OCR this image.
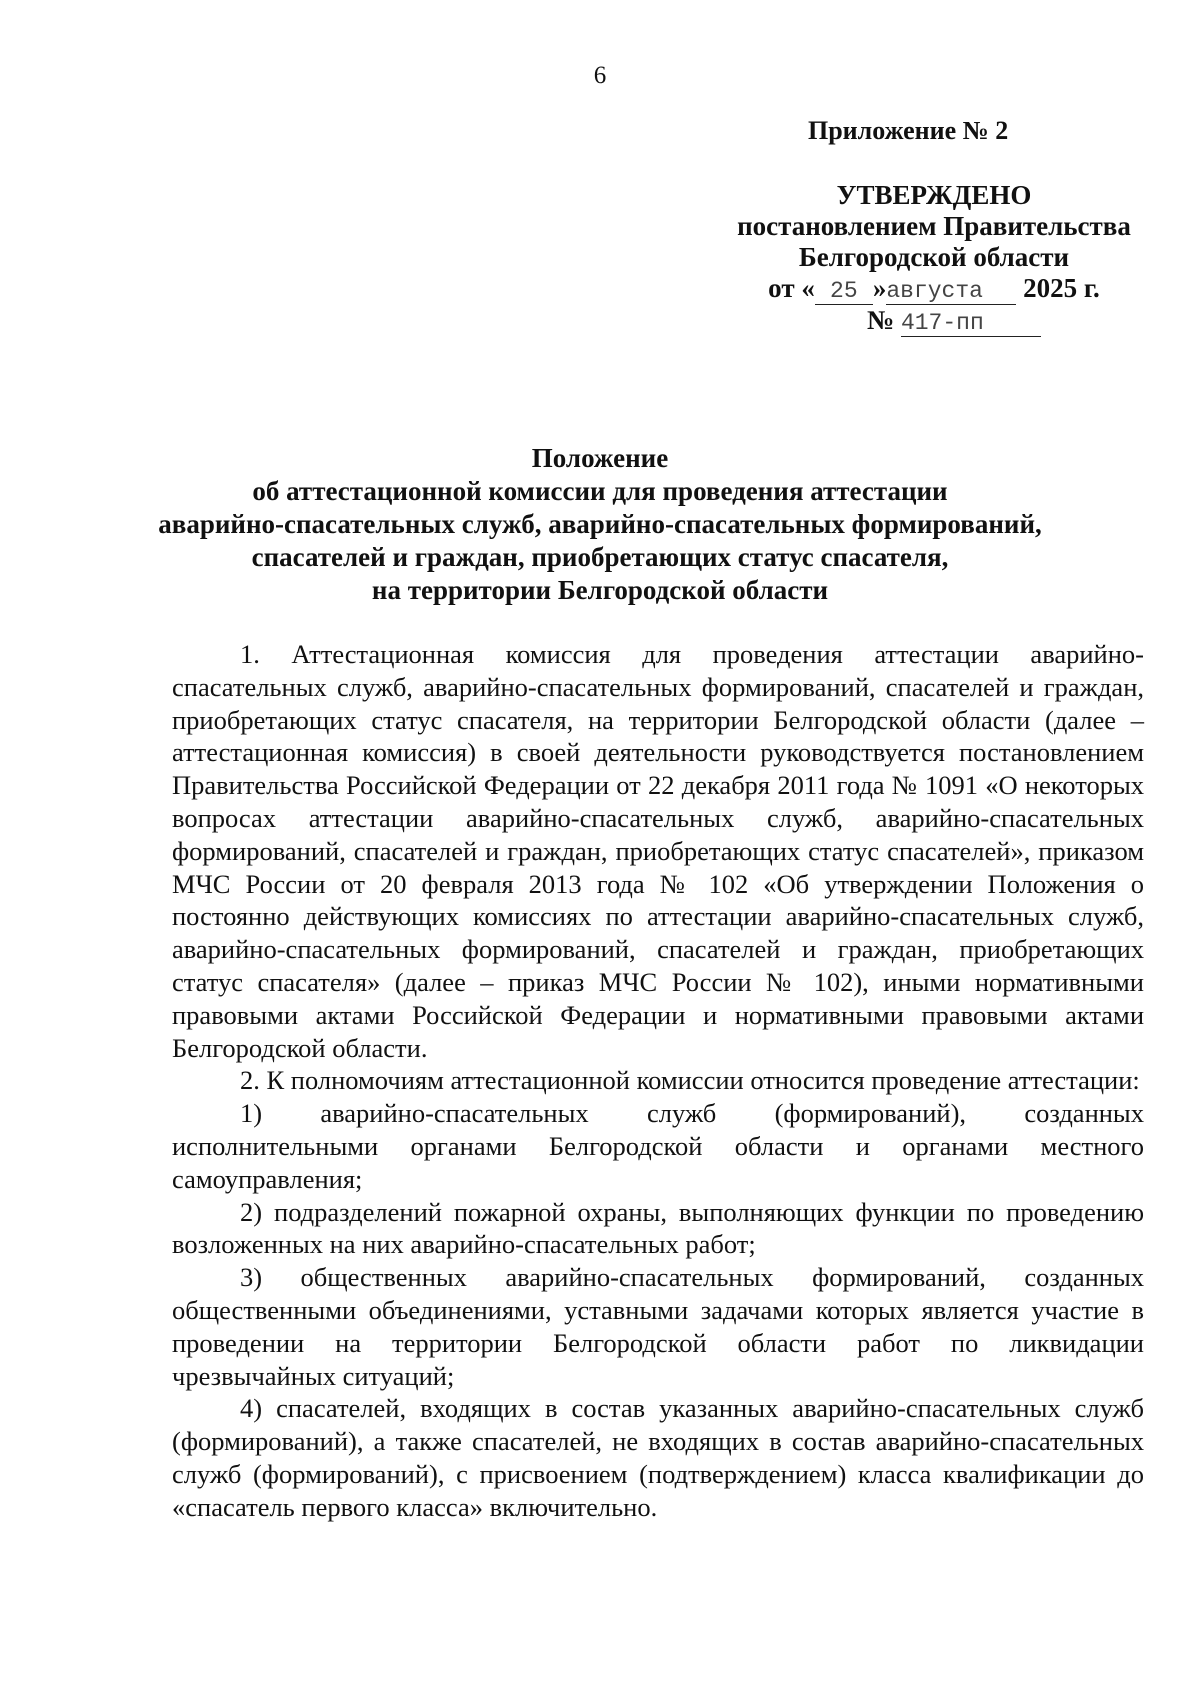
6
Приложение № 2
УТВЕРЖДЕНО
постановлением Правительства
Белгородской области
от « 25 »августа 2025 г.
№ 417-пп
Положение
об аттестационной комиссии для проведения аттестации
аварийно-спасательных служб, аварийно-спасательных формирований,
спасателей и граждан, приобретающих статус спасателя,
на территории Белгородской области

1. Аттестационная комиссия для проведения аттестации аварийно-спасательных служб, аварийно-спасательных формирований, спасателей и граждан, приобретающих статус спасателя, на территории Белгородской области (далее – аттестационная комиссия) в своей деятельности руководствуется постановлением Правительства Российской Федерации от 22 декабря 2011 года № 1091 «О некоторых вопросах аттестации аварийно-спасательных служб, аварийно-спасательных формирований, спасателей и граждан, приобретающих статус спасателей», приказом МЧС России от 20 февраля 2013 года № 102 «Об утверждении Положения о постоянно действующих комиссиях по аттестации аварийно-спасательных служб, аварийно-спасательных формирований, спасателей и граждан, приобретающих статус спасателя» (далее – приказ МЧС России № 102), иными нормативными правовыми актами Российской Федерации и нормативными правовыми актами Белгородской области.

2. К полномочиям аттестационной комиссии относится проведение аттестации:

1) аварийно-спасательных служб (формирований), созданных исполнительными органами Белгородской области и органами местного самоуправления;

2) подразделений пожарной охраны, выполняющих функции по проведению возложенных на них аварийно-спасательных работ;

3) общественных аварийно-спасательных формирований, созданных общественными объединениями, уставными задачами которых является участие в проведении на территории Белгородской области работ по ликвидации чрезвычайных ситуаций;

4) спасателей, входящих в состав указанных аварийно-спасательных служб (формирований), а также спасателей, не входящих в состав аварийно-спасательных служб (формирований), с присвоением (подтверждением) класса квалификации до «спасатель первого класса» включительно.
